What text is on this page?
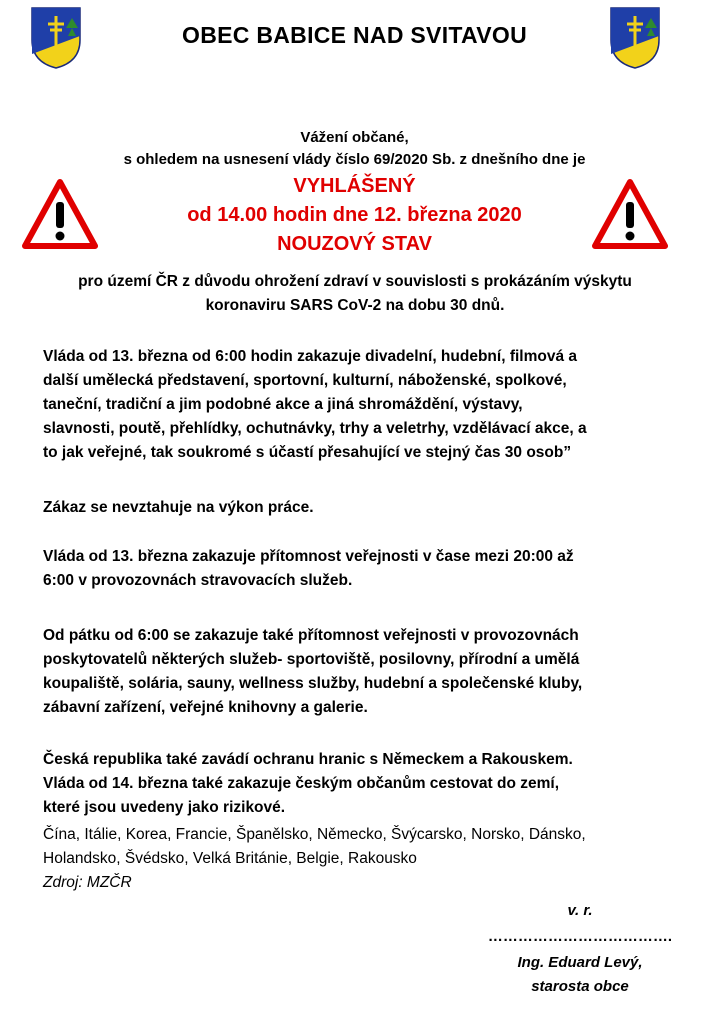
OBEC BABICE NAD SVITAVOU
Vážení občané,
s ohledem na usnesení vlády číslo 69/2020 Sb. z dnešního dne je
VYHLÁŠENÝ
od 14.00 hodin dne 12. března 2020
NOUZOVÝ STAV
pro území ČR z důvodu ohrožení zdraví v souvislosti s prokázáním výskytu
koronaviru SARS CoV-2 na dobu 30 dnů.
Vláda od 13. března od 6:00 hodin zakazuje divadelní, hudební, filmová a
další umělecká představení, sportovní, kulturní, náboženské, spolkové,
taneční, tradiční a jim podobné akce a jiná shromáždění, výstavy,
slavnosti, poutě, přehlídky, ochutnávky, trhy a veletrhy, vzdělávací akce, a
to jak veřejné, tak soukromé s účastí přesahující ve stejný čas 30 osob”
Zákaz se nevztahuje na výkon práce.
Vláda od 13. března zakazuje přítomnost veřejnosti v čase mezi 20:00 až
6:00 v provozovnách stravovacích služeb.
Od pátku od 6:00 se zakazuje také přítomnost veřejnosti v provozovnách
poskytovatelů některých služeb- sportoviště, posilovny, přírodní a umělá
koupaliště, solária, sauny, wellness služby, hudební a společenské kluby,
zábavní zařízení, veřejné knihovny a galerie.
Česká republika také zavádí ochranu hranic s Německem a Rakouskem.
Vláda od 14. března také zakazuje českým občanům cestovat do zemí,
které jsou uvedeny jako rizikové.
Čína, Itálie, Korea, Francie, Španělsko, Německo, Švýcarsko, Norsko, Dánsko,
Holandsko, Švédsko, Velká Británie, Belgie, Rakousko
Zdroj: MZČR
v. r.
……………………………….
Ing. Eduard Levý,
starosta obce
